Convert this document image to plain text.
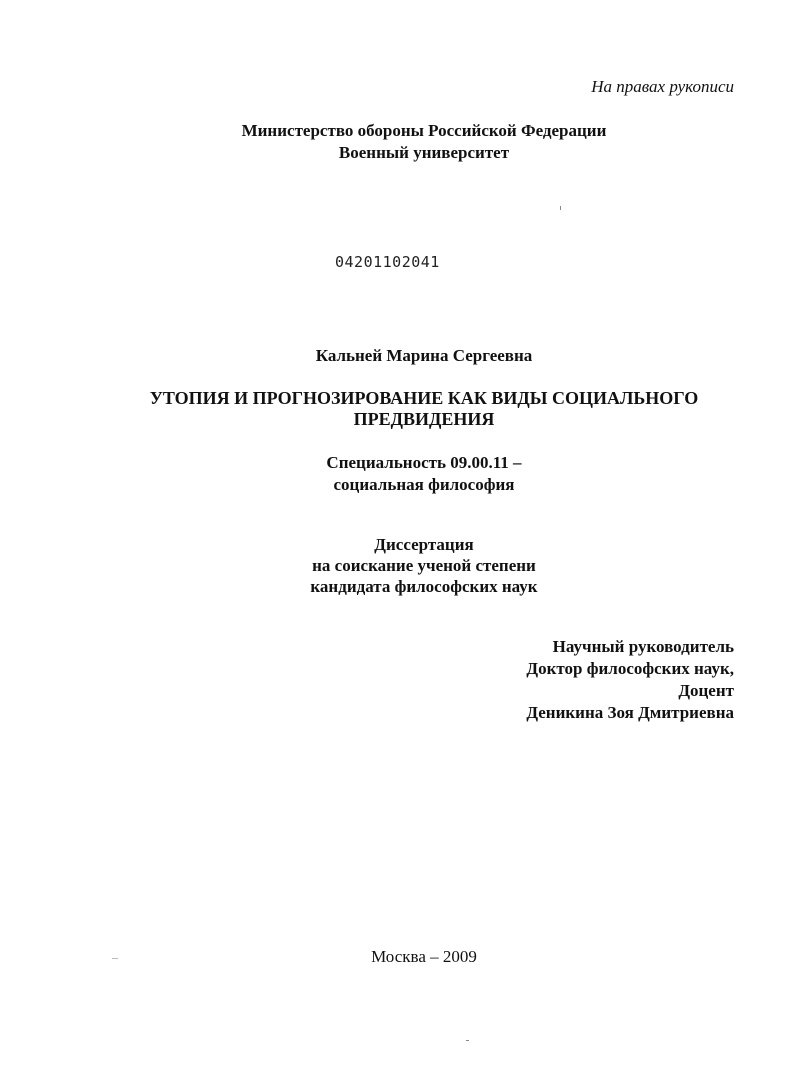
На правах рукописи
Министерство обороны Российской Федерации
Военный университет
04201102041
Кальней Марина Сергеевна
УТОПИЯ И ПРОГНОЗИРОВАНИЕ КАК ВИДЫ СОЦИАЛЬНОГО
ПРЕДВИДЕНИЯ
Специальность 09.00.11 –
социальная философия
Диссертация
на соискание ученой степени
кандидата философских наук
Научный руководитель
Доктор философских наук,
Доцент
Деникина Зоя Дмитриевна
Москва – 2009
